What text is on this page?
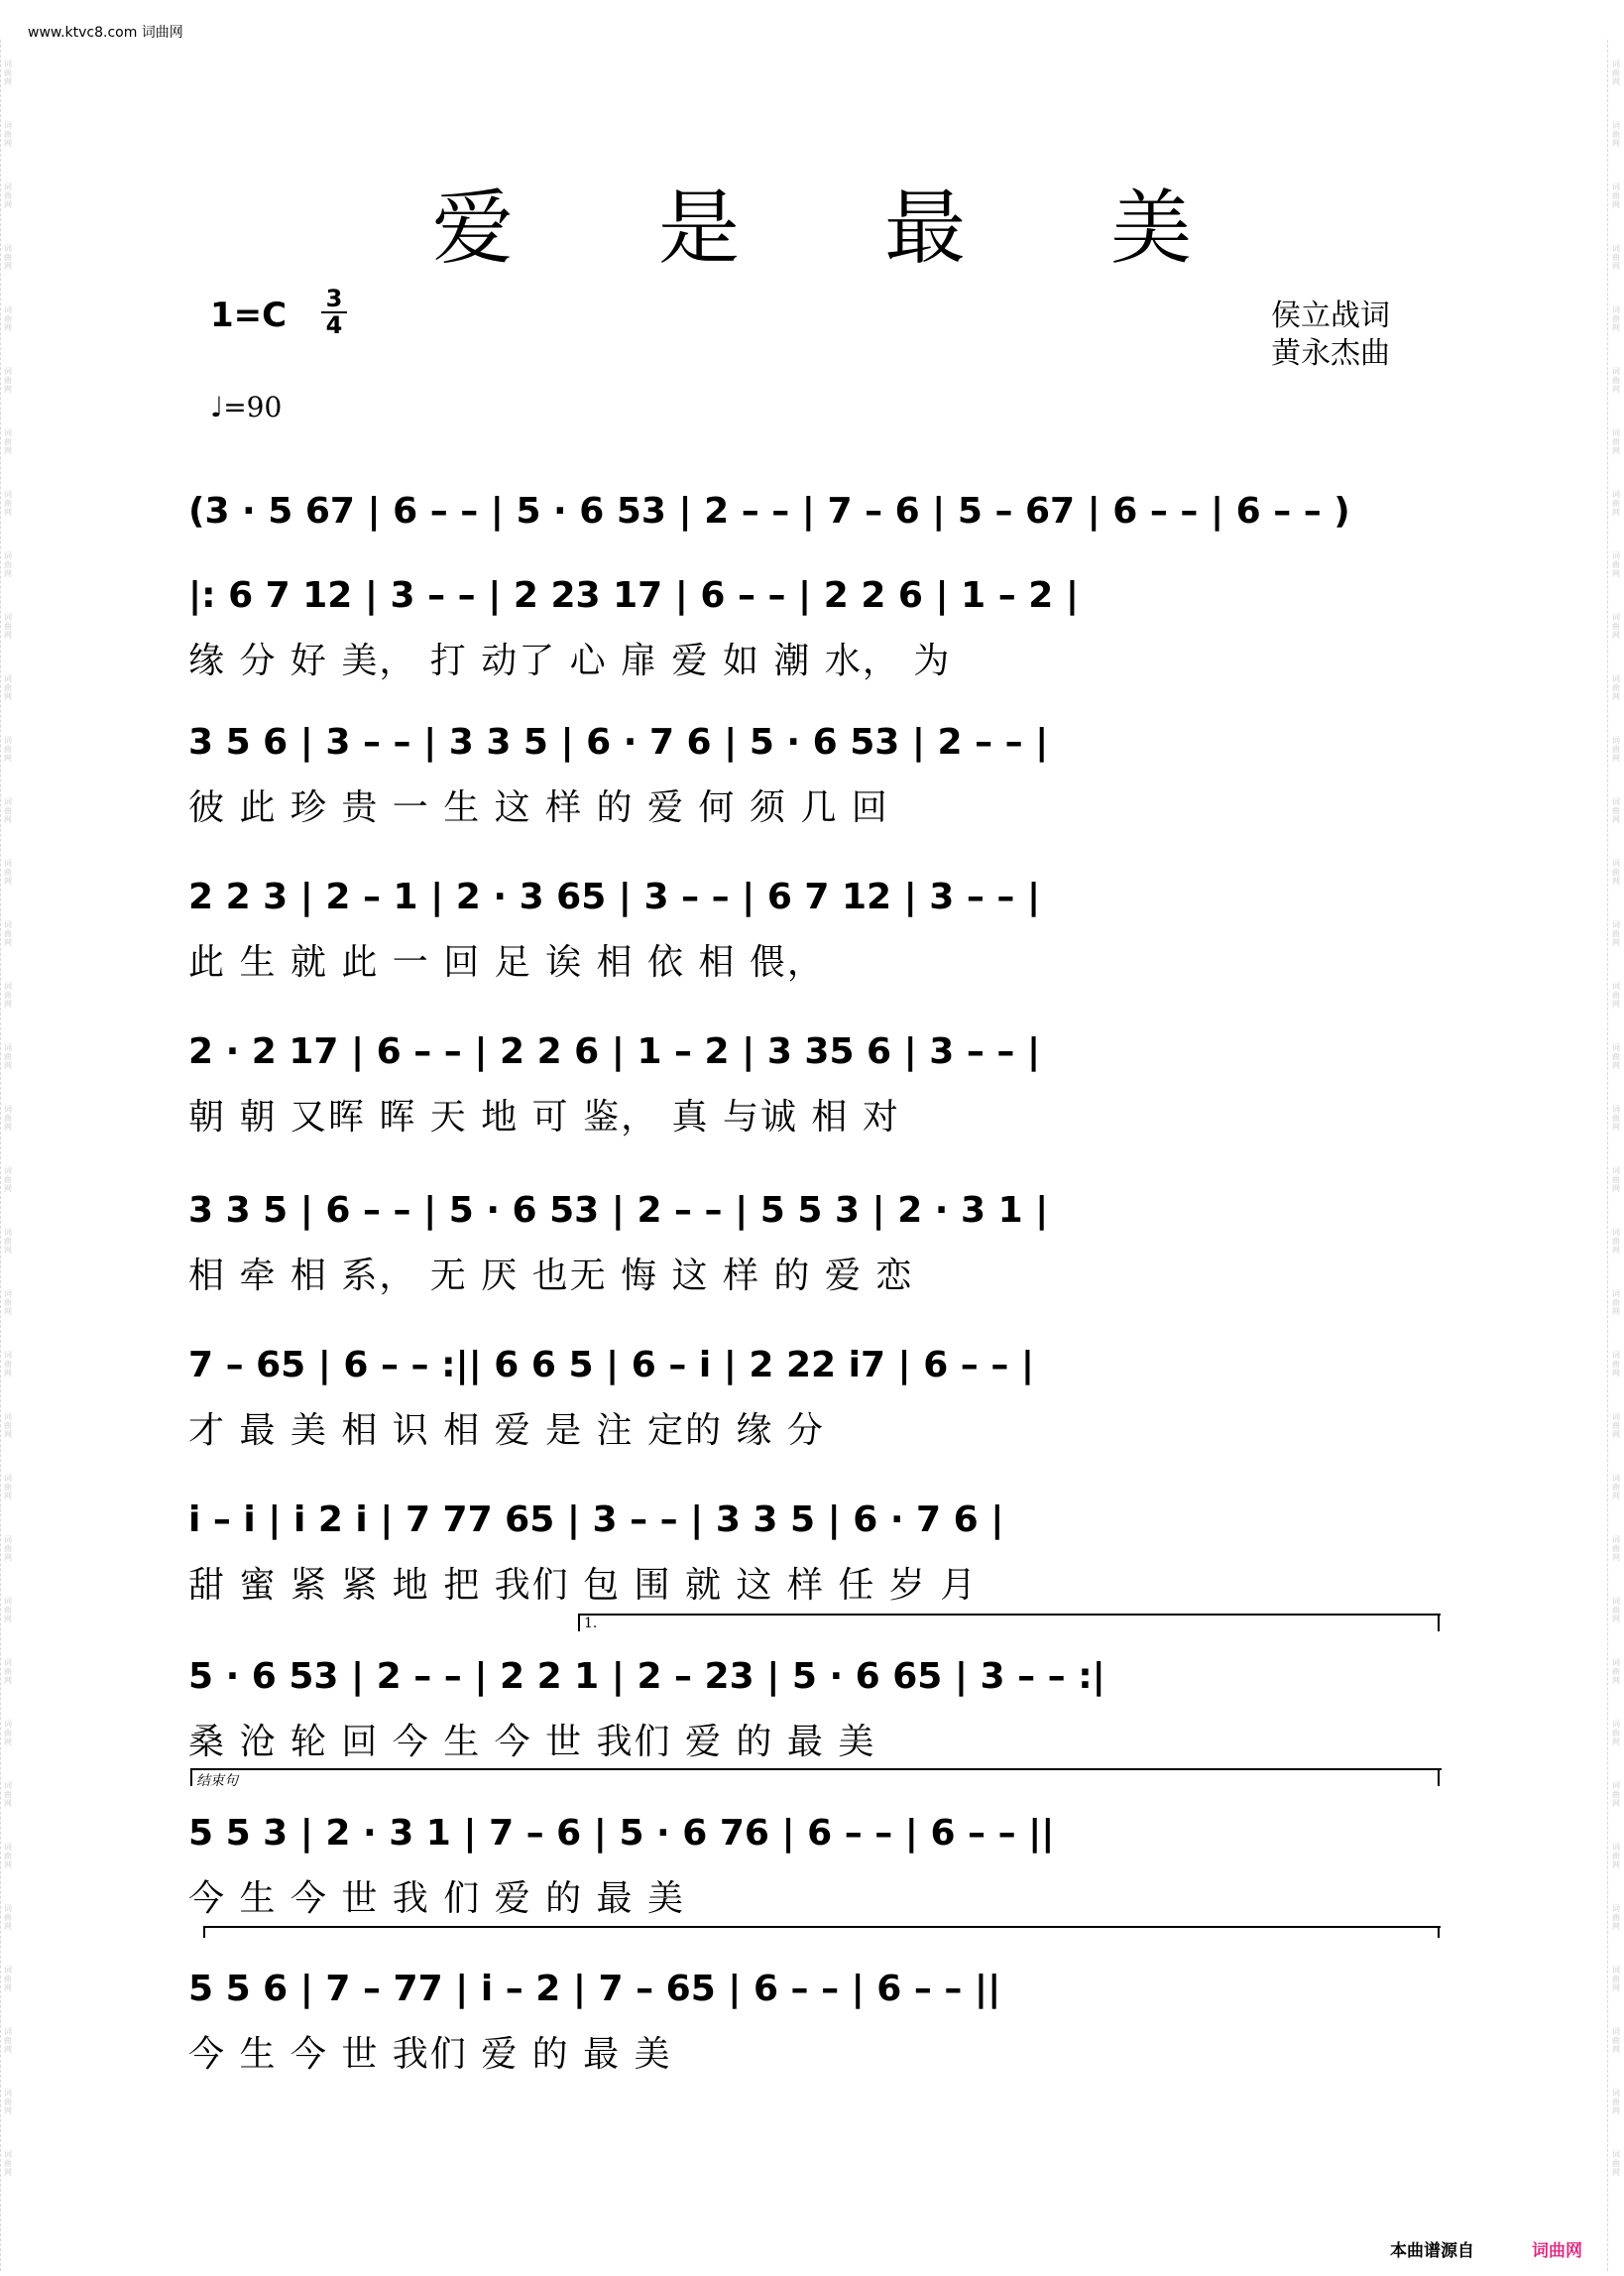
www.ktvc8.com 词曲网
词曲网
词曲网
词曲网
词曲网
词曲网
词曲网
词曲网
词曲网
词曲网
词曲网
词曲网
词曲网
词曲网
词曲网
词曲网
词曲网
词曲网
词曲网
词曲网
词曲网
词曲网
词曲网
词曲网
词曲网
词曲网
词曲网
词曲网
词曲网
词曲网
词曲网
词曲网
词曲网
词曲网
词曲网
词曲网
词曲网
词曲网
词曲网
词曲网
词曲网
词曲网
词曲网
词曲网
词曲网
词曲网
词曲网
词曲网
词曲网
词曲网
词曲网
词曲网
词曲网
词曲网
词曲网
词曲网
词曲网
词曲网
词曲网
词曲网
词曲网
词曲网
词曲网
词曲网
词曲网
词曲网
词曲网
词曲网
词曲网
词曲网
词曲网
爱 是 最 美
1=C 3
4
♩=90
侯立战词
黄永杰曲
(3 · 5 67 | 6 – – | 5 · 6 53 | 2 – – | 7 – 6 | 5 – 67 | 6 – – | 6 – – )
|: 6 7 12 | 3 – – | 2 23 17 | 6 – – | 2 2 6 | 1 – 2 |
缘 分 好 美， 打 动了 心 扉 爱 如 潮 水， 为
3 5 6 | 3 – – | 3 3 5 | 6 · 7 6 | 5 · 6 53 | 2 – – |
彼 此 珍 贵 一 生 这 样 的 爱 何 须 几 回
2 2 3 | 2 – 1 | 2 · 3 65 | 3 – – | 6 7 12 | 3 – – |
此 生 就 此 一 回 足 诶 相 依 相 偎，
2 · 2 17 | 6 – – | 2 2 6 | 1 – 2 | 3 35 6 | 3 – – |
朝 朝 又晖 晖 天 地 可 鉴， 真 与诚 相 对
3 3 5 | 6 – – | 5 · 6 53 | 2 – – | 5 5 3 | 2 · 3 1 |
相 牵 相 系， 无 厌 也无 悔 这 样 的 爱 恋
7 – 65 | 6 – – :|| 6 6 5 | 6 – i | 2 22 i7 | 6 – – |
才 最 美 相 识 相 爱 是 注 定的 缘 分
i – i | i 2 i | 7 77 65 | 3 – – | 3 3 5 | 6 · 7 6 |
甜 蜜 紧 紧 地 把 我们 包 围 就 这 样 任 岁 月
5 · 6 53 | 2 – – | 2 2 1 | 2 – 23 | 5 · 6 65 | 3 – – :|
桑 沧 轮 回 今 生 今 世 我们 爱 的 最 美
5 5 3 | 2 · 3 1 | 7 – 6 | 5 · 6 76 | 6 – – | 6 – – ||
今 生 今 世 我 们 爱 的 最 美
5 5 6 | 7 – 77 | i – 2 | 7 – 65 | 6 – – | 6 – – ||
今 生 今 世 我们 爱 的 最 美
1.
结束句
本曲谱源自	词曲网
